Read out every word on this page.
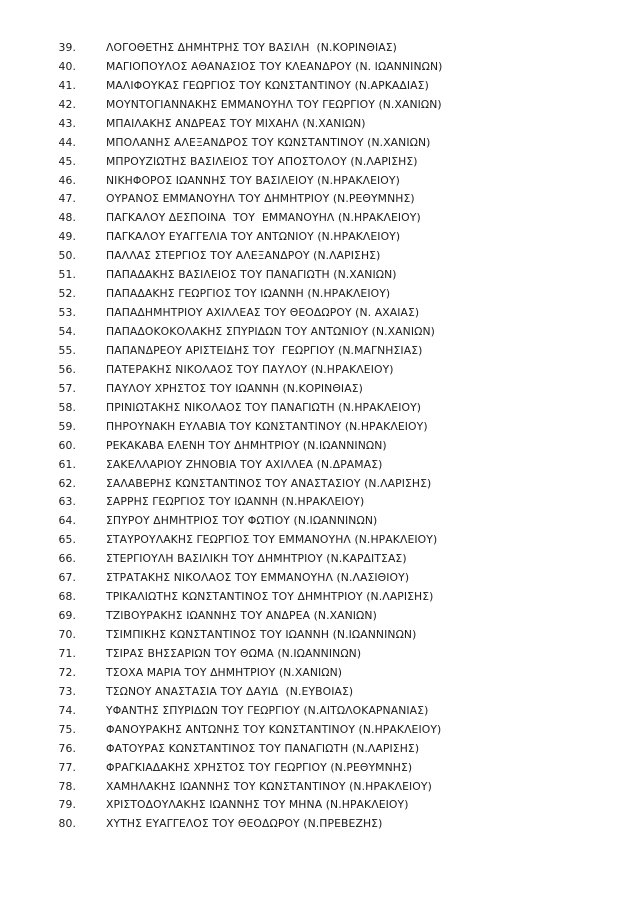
39.	ΛΟΓΟΘΕΤΗΣ ΔΗΜΗΤΡΗΣ ΤΟΥ ΒΑΣΙΛΗ  (Ν.ΚΟΡΙΝΘΙΑΣ)
40.	ΜΑΓΙΟΠΟΥΛΟΣ ΑΘΑΝΑΣΙΟΣ ΤΟΥ ΚΛΕΑΝΔΡΟΥ (Ν. ΙΩΑΝΝΙΝΩΝ)
41.	ΜΑΛΙΦΟΥΚΑΣ ΓΕΩΡΓΙΟΣ ΤΟΥ ΚΩΝΣΤΑΝΤΙΝΟΥ (Ν.ΑΡΚΑΔΙΑΣ)
42.	ΜΟΥΝΤΟΓΙΑΝΝΑΚΗΣ ΕΜΜΑΝΟΥΗΛ ΤΟΥ ΓΕΩΡΓΙΟΥ (Ν.ΧΑΝΙΩΝ)
43.	ΜΠΑΙΛΑΚΗΣ ΑΝΔΡΕΑΣ ΤΟΥ ΜΙΧΑΗΛ (Ν.ΧΑΝΙΩΝ)
44.	ΜΠΟΛΑΝΗΣ ΑΛΕΞΑΝΔΡΟΣ ΤΟΥ ΚΩΝΣΤΑΝΤΙΝΟΥ (Ν.ΧΑΝΙΩΝ)
45.	ΜΠΡΟΥΖΙΩΤΗΣ ΒΑΣΙΛΕΙΟΣ ΤΟΥ ΑΠΟΣΤΟΛΟΥ (Ν.ΛΑΡΙΣΗΣ)
46.	ΝΙΚΗΦΟΡΟΣ ΙΩΑΝΝΗΣ ΤΟΥ ΒΑΣΙΛΕΙΟΥ (Ν.ΗΡΑΚΛΕΙΟΥ)
47.	ΟΥΡΑΝΟΣ ΕΜΜΑΝΟΥΗΛ ΤΟΥ ΔΗΜΗΤΡΙΟΥ (Ν.ΡΕΘΥΜΝΗΣ)
48.	ΠΑΓΚΑΛΟΥ ΔΕΣΠΟΙΝΑ  ΤΟΥ  ΕΜΜΑΝΟΥΗΛ (Ν.ΗΡΑΚΛΕΙΟΥ)
49.	ΠΑΓΚΑΛΟΥ ΕΥΑΓΓΕΛΙΑ ΤΟΥ ΑΝΤΩΝΙΟΥ (Ν.ΗΡΑΚΛΕΙΟΥ)
50.	ΠΑΛΛΑΣ ΣΤΕΡΓΙΟΣ ΤΟΥ ΑΛΕΞΑΝΔΡΟΥ (Ν.ΛΑΡΙΣΗΣ)
51.	ΠΑΠΑΔΑΚΗΣ ΒΑΣΙΛΕΙΟΣ ΤΟΥ ΠΑΝΑΓΙΩΤΗ (Ν.ΧΑΝΙΩΝ)
52.	ΠΑΠΑΔΑΚΗΣ ΓΕΩΡΓΙΟΣ ΤΟΥ ΙΩΑΝΝΗ (Ν.ΗΡΑΚΛΕΙΟΥ)
53.	ΠΑΠΑΔΗΜΗΤΡΙΟΥ ΑΧΙΛΛΕΑΣ ΤΟΥ ΘΕΟΔΩΡΟΥ (Ν. ΑΧΑΙΑΣ)
54.	ΠΑΠΑΔΟΚΟΚΟΛΑΚΗΣ ΣΠΥΡΙΔΩΝ ΤΟΥ ΑΝΤΩΝΙΟΥ (Ν.ΧΑΝΙΩΝ)
55.	ΠΑΠΑΝΔΡΕΟΥ ΑΡΙΣΤΕΙΔΗΣ ΤΟΥ  ΓΕΩΡΓΙΟΥ (Ν.ΜΑΓΝΗΣΙΑΣ)
56.	ΠΑΤΕΡΑΚΗΣ ΝΙΚΟΛΑΟΣ ΤΟΥ ΠΑΥΛΟΥ (Ν.ΗΡΑΚΛΕΙΟΥ)
57.	ΠΑΥΛΟΥ ΧΡΗΣΤΟΣ ΤΟΥ ΙΩΑΝΝΗ (Ν.ΚΟΡΙΝΘΙΑΣ)
58.	ΠΡΙΝΙΩΤΑΚΗΣ ΝΙΚΟΛΑΟΣ ΤΟΥ ΠΑΝΑΓΙΩΤΗ (Ν.ΗΡΑΚΛΕΙΟΥ)
59.	ΠΗΡΟΥΝΑΚΗ ΕΥΛΑΒΙΑ ΤΟΥ ΚΩΝΣΤΑΝΤΙΝΟΥ (Ν.ΗΡΑΚΛΕΙΟΥ)
60.	ΡΕΚΑΚΑΒΑ ΕΛΕΝΗ ΤΟΥ ΔΗΜΗΤΡΙΟΥ (Ν.ΙΩΑΝΝΙΝΩΝ)
61.	ΣΑΚΕΛΛΑΡΙΟΥ ΖΗΝΟΒΙΑ ΤΟΥ ΑΧΙΛΛΕΑ (Ν.ΔΡΑΜΑΣ)
62.	ΣΑΛΑΒΕΡΗΣ ΚΩΝΣΤΑΝΤΙΝΟΣ ΤΟΥ ΑΝΑΣΤΑΣΙΟΥ (Ν.ΛΑΡΙΣΗΣ)
63.	ΣΑΡΡΗΣ ΓΕΩΡΓΙΟΣ ΤΟΥ ΙΩΑΝΝΗ (Ν.ΗΡΑΚΛΕΙΟΥ)
64.	ΣΠΥΡΟΥ ΔΗΜΗΤΡΙΟΣ ΤΟΥ ΦΩΤΙΟΥ (Ν.ΙΩΑΝΝΙΝΩΝ)
65.	ΣΤΑΥΡΟΥΛΑΚΗΣ ΓΕΩΡΓΙΟΣ ΤΟΥ ΕΜΜΑΝΟΥΗΛ (Ν.ΗΡΑΚΛΕΙΟΥ)
66.	ΣΤΕΡΓΙΟΥΛΗ ΒΑΣΙΛΙΚΗ ΤΟΥ ΔΗΜΗΤΡΙΟΥ (Ν.ΚΑΡΔΙΤΣΑΣ)
67.	ΣΤΡΑΤΑΚΗΣ ΝΙΚΟΛΑΟΣ ΤΟΥ ΕΜΜΑΝΟΥΗΛ (Ν.ΛΑΣΙΘΙΟΥ)
68.	ΤΡΙΚΑΛΙΩΤΗΣ ΚΩΝΣΤΑΝΤΙΝΟΣ ΤΟΥ ΔΗΜΗΤΡΙΟΥ (Ν.ΛΑΡΙΣΗΣ)
69.	ΤΖΙΒΟΥΡΑΚΗΣ ΙΩΑΝΝΗΣ ΤΟΥ ΑΝΔΡΕΑ (Ν.ΧΑΝΙΩΝ)
70.	ΤΣΙΜΠΙΚΗΣ ΚΩΝΣΤΑΝΤΙΝΟΣ ΤΟΥ ΙΩΑΝΝΗ (Ν.ΙΩΑΝΝΙΝΩΝ)
71.	ΤΣΙΡΑΣ ΒΗΣΣΑΡΙΩΝ ΤΟΥ ΘΩΜΑ (Ν.ΙΩΑΝΝΙΝΩΝ)
72.	ΤΣΟΧΑ ΜΑΡΙΑ ΤΟΥ ΔΗΜΗΤΡΙΟΥ (Ν.ΧΑΝΙΩΝ)
73.	ΤΣΩΝΟΥ ΑΝΑΣΤΑΣΙΑ ΤΟΥ ΔΑΥΙΔ  (Ν.ΕΥΒΟΙΑΣ)
74.	ΥΦΑΝΤΗΣ ΣΠΥΡΙΔΩΝ ΤΟΥ ΓΕΩΡΓΙΟΥ (Ν.ΑΙΤΩΛΟΚΑΡΝΑΝΙΑΣ)
75.	ΦΑΝΟΥΡΑΚΗΣ ΑΝΤΩΝΗΣ ΤΟΥ ΚΩΝΣΤΑΝΤΙΝΟΥ (Ν.ΗΡΑΚΛΕΙΟΥ)
76.	ΦΑΤΟΥΡΑΣ ΚΩΝΣΤΑΝΤΙΝΟΣ ΤΟΥ ΠΑΝΑΓΙΩΤΗ (Ν.ΛΑΡΙΣΗΣ)
77.	ΦΡΑΓΚΙΑΔΑΚΗΣ ΧΡΗΣΤΟΣ ΤΟΥ ΓΕΩΡΓΙΟΥ (Ν.ΡΕΘΥΜΝΗΣ)
78.	ΧΑΜΗΛΑΚΗΣ ΙΩΑΝΝΗΣ ΤΟΥ ΚΩΝΣΤΑΝΤΙΝΟΥ (Ν.ΗΡΑΚΛΕΙΟΥ)
79.	ΧΡΙΣΤΟΔΟΥΛΑΚΗΣ ΙΩΑΝΝΗΣ ΤΟΥ ΜΗΝΑ (Ν.ΗΡΑΚΛΕΙΟΥ)
80.	ΧΥΤΗΣ ΕΥΑΓΓΕΛΟΣ ΤΟΥ ΘΕΟΔΩΡΟΥ (Ν.ΠΡΕΒΕΖΗΣ)
